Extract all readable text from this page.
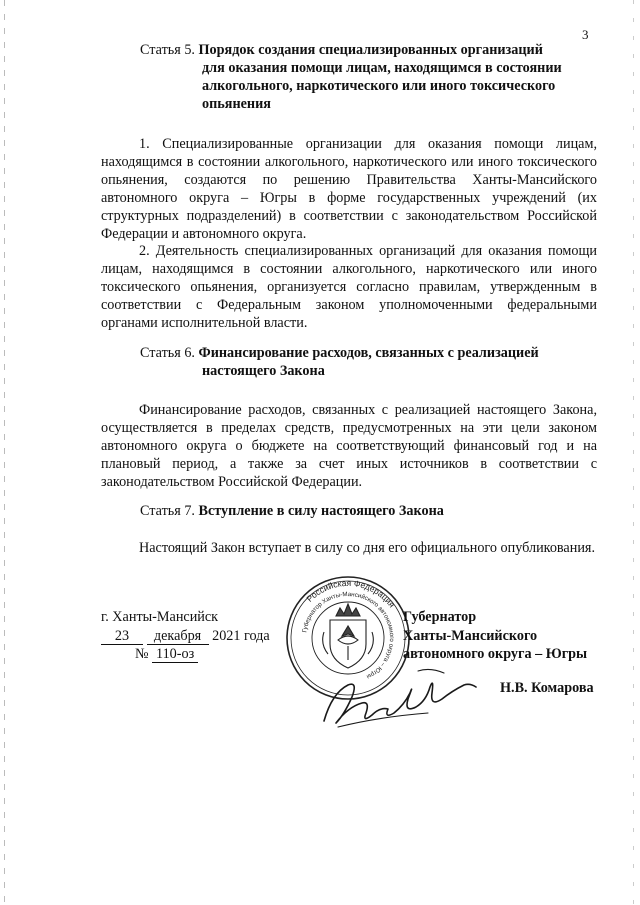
3
Статья 5. Порядок создания специализированных организаций
для оказания помощи лицам, находящимся в состоянии
алкогольного, наркотического или иного токсического
опьянения

1. Специализированные организации для оказания помощи лицам, находящимся в состоянии алкогольного, наркотического или иного токсического опьянения, создаются по решению Правительства Ханты-Мансийского автономного округа – Югры в форме государственных учреждений (их структурных подразделений) в соответствии с законодательством Российской Федерации и автономного округа.

2. Деятельность специализированных организаций для оказания помощи лицам, находящимся в состоянии алкогольного, наркотического или иного токсического опьянения, организуется согласно правилам, утвержденным в соответствии с Федеральным законом уполномоченными федеральными органами исполнительной власти.

Статья 6. Финансирование расходов, связанных с реализацией
настоящего Закона

Финансирование расходов, связанных с реализацией настоящего Закона, осуществляется в пределах средств, предусмотренных на эти цели законом автономного округа о бюджете на соответствующий финансовый год и на плановый период, а также за счет иных источников в соответствии с законодательством Российской Федерации.

Статья 7. Вступление в силу настоящего Закона

Настоящий Закон вступает в силу со дня его официального опубликования.

г. Ханты-Мансийск
23 декабря 2021 года
№ 110-оз
Российская Федерация
Губернатор Ханты-Мансийского автономного округа – Югры
Губернатор
Ханты-Мансийского
автономного округа – Югры
Н.В. Комарова
